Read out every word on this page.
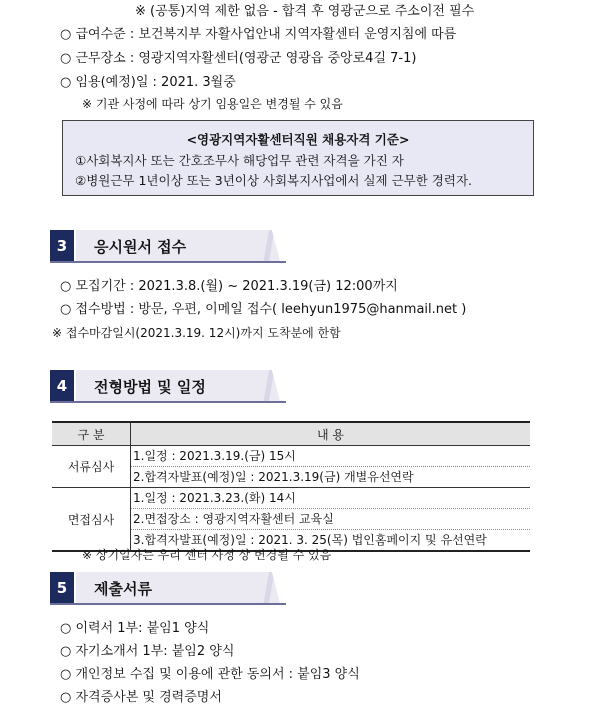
※ (공통)지역 제한 없음 - 합격 후 영광군으로 주소이전 필수
○ 급여수준 : 보건복지부 자활사업안내 지역자활센터 운영지침에 따름
○ 근무장소 : 영광지역자활센터(영광군 영광읍 중앙로4길 7-1)
○ 임용(예정)일 : 2021. 3월중
※ 기관 사정에 따라 상기 임용일은 변경될 수 있음
<영광지역자활센터직원 채용자격 기준>
①사회복지사 또는 간호조무사 해당업무 관련 자격을 가진 자
②병원근무 1년이상 또는 3년이상 사회복지사업에서 실제 근무한 경력자.
3	응시원서 접수
○ 모집기간 : 2021.3.8.(월) ~ 2021.3.19(금) 12:00까지
○ 접수방법 : 방문, 우편, 이메일 접수( leehyun1975@hanmail.net )
※ 접수마감일시(2021.3.19. 12시)까지 도착분에 한함
4	전형방법 및 일정
구 분	내 용
서류심사	1.일정 : 2021.3.19.(금) 15시
2.합격자발표(예정)일 : 2021.3.19(금) 개별유선연락

면접심사	1.일정 : 2021.3.23.(화) 14시
2.면접장소 : 영광지역자활센터 교육실
3.합격자발표(예정)일 : 2021. 3. 25(목) 법인홈페이지 및 유선연락
※ 상기일자는 우리 센터 사정 상 변경될 수 있음
5	제출서류
○ 이력서 1부: 붙임1 양식
○ 자기소개서 1부: 붙임2 양식
○ 개인정보 수집 및 이용에 관한 동의서 : 붙임3 양식
○ 자격증사본 및 경력증명서
